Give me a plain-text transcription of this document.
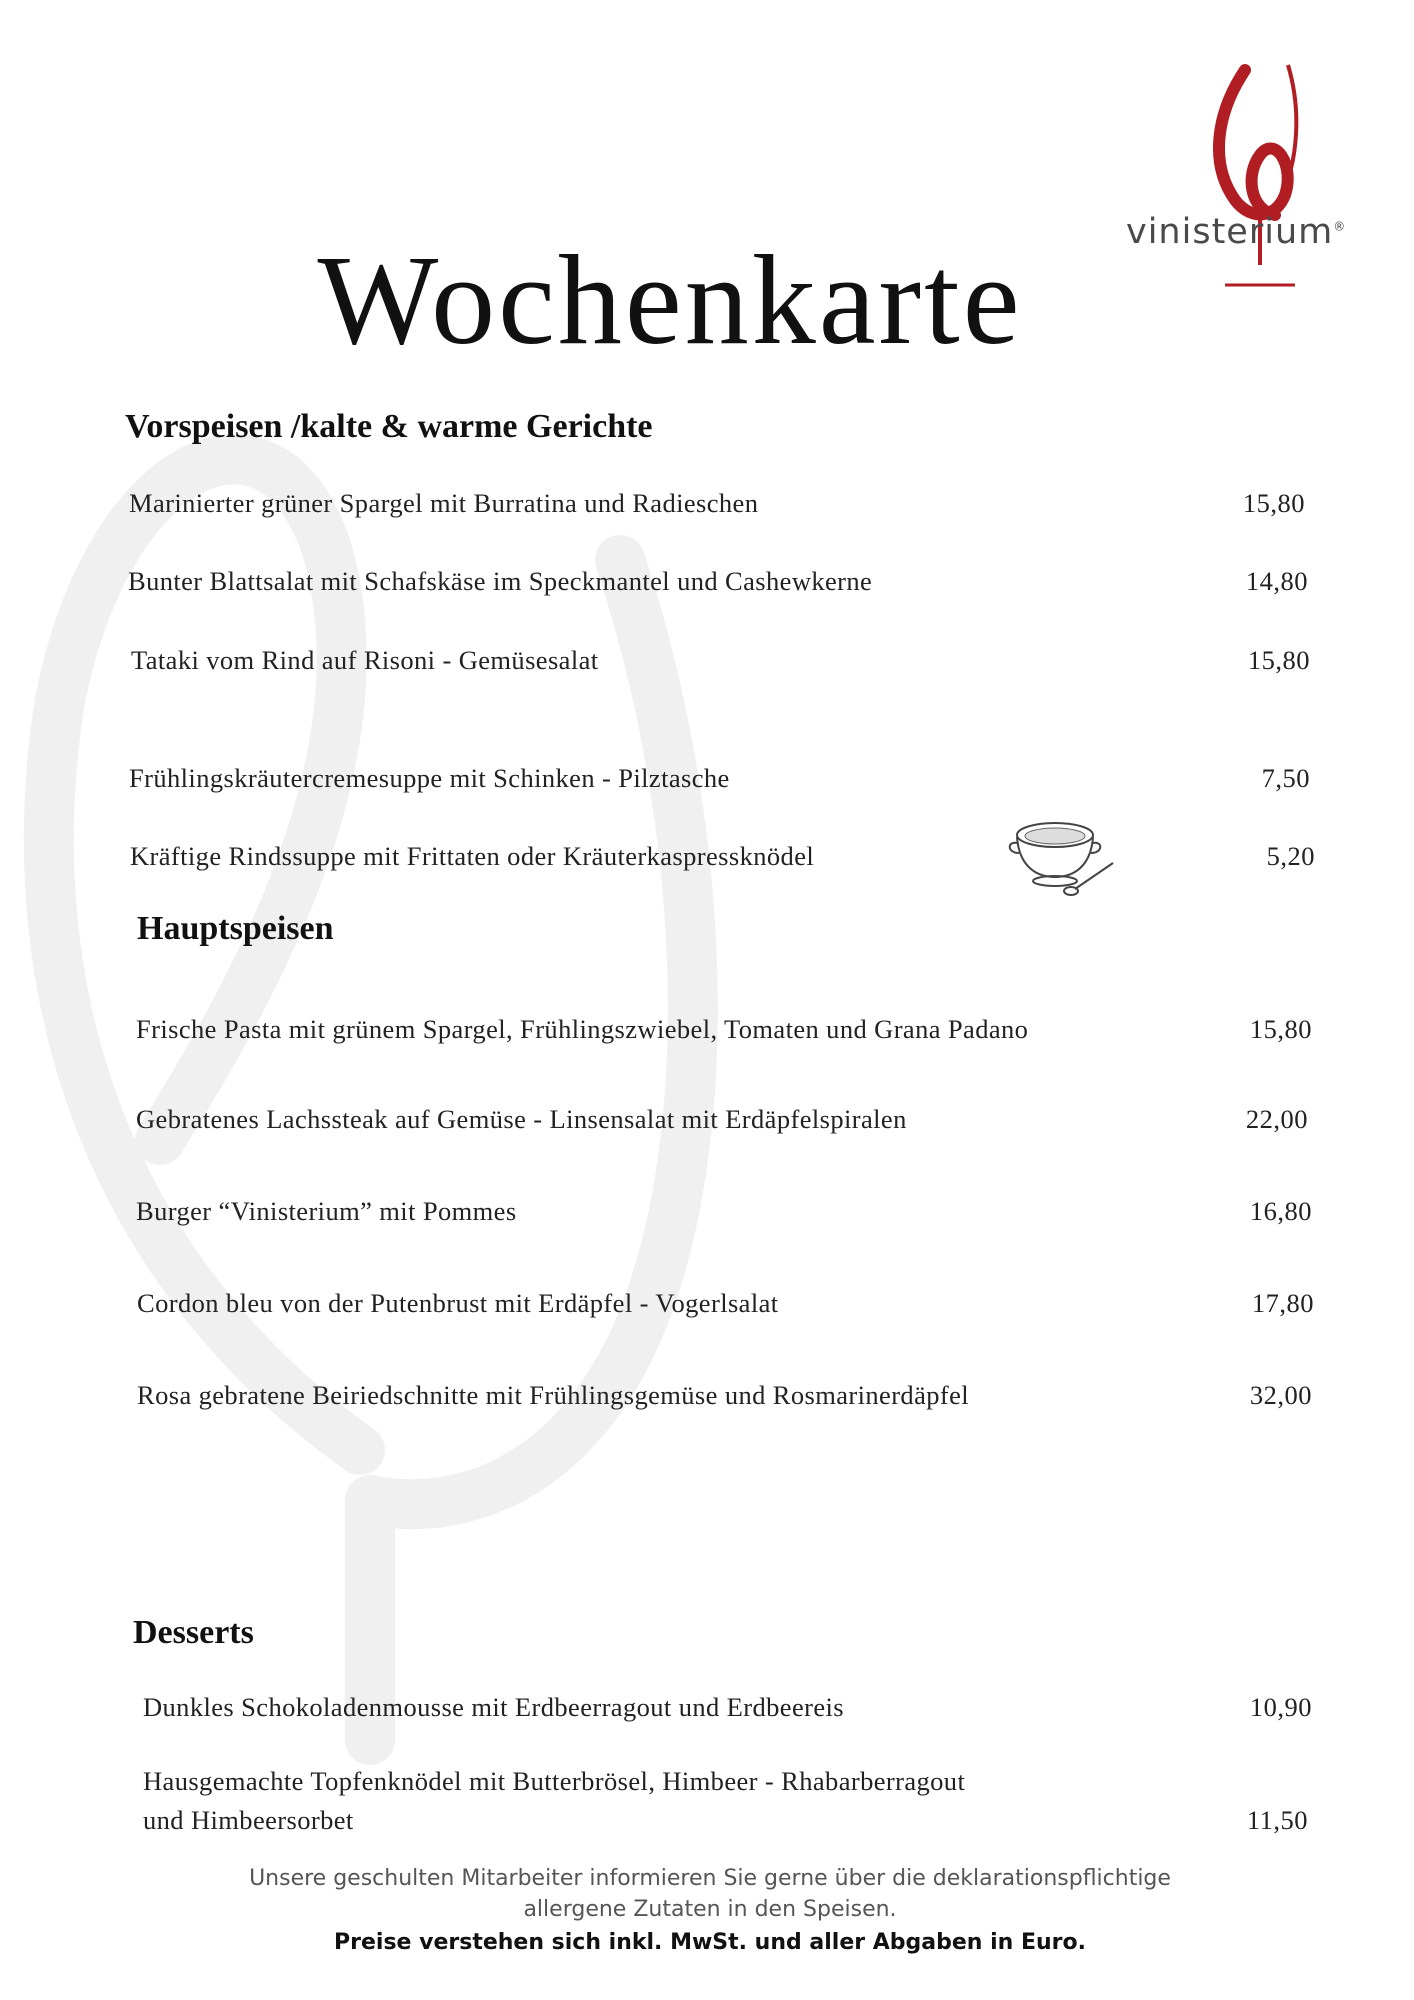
vinisterium®
Wochenkarte
Vorspeisen /kalte & warme Gerichte
Marinierter grüner Spargel mit Burratina und Radieschen	15,80
Bunter Blattsalat mit Schafskäse im Speckmantel und Cashewkerne	14,80
Tataki vom Rind auf Risoni - Gemüsesalat	15,80
Frühlingskräutercremesuppe mit Schinken - Pilztasche	7,50
Kräftige Rindssuppe mit Frittaten oder Kräuterkaspressknödel	5,20
Hauptspeisen
Frische Pasta mit grünem Spargel, Frühlingszwiebel, Tomaten und Grana Padano	15,80
Gebratenes Lachssteak auf Gemüse - Linsensalat mit Erdäpfelspiralen	22,00
Burger “Vinisterium” mit Pommes	16,80
Cordon bleu von der Putenbrust mit Erdäpfel - Vogerlsalat	17,80
Rosa gebratene Beiriedschnitte mit Frühlingsgemüse und Rosmarinerdäpfel	32,00
Desserts
Dunkles Schokoladenmousse mit Erdbeerragout und Erdbeereis	10,90
Hausgemachte Topfenknödel mit Butterbrösel, Himbeer - Rhabarberragout
und Himbeersorbet	11,50
Unsere geschulten Mitarbeiter informieren Sie gerne über die deklarationspflichtige
allergene Zutaten in den Speisen.
Preise verstehen sich inkl. MwSt. und aller Abgaben in Euro.
